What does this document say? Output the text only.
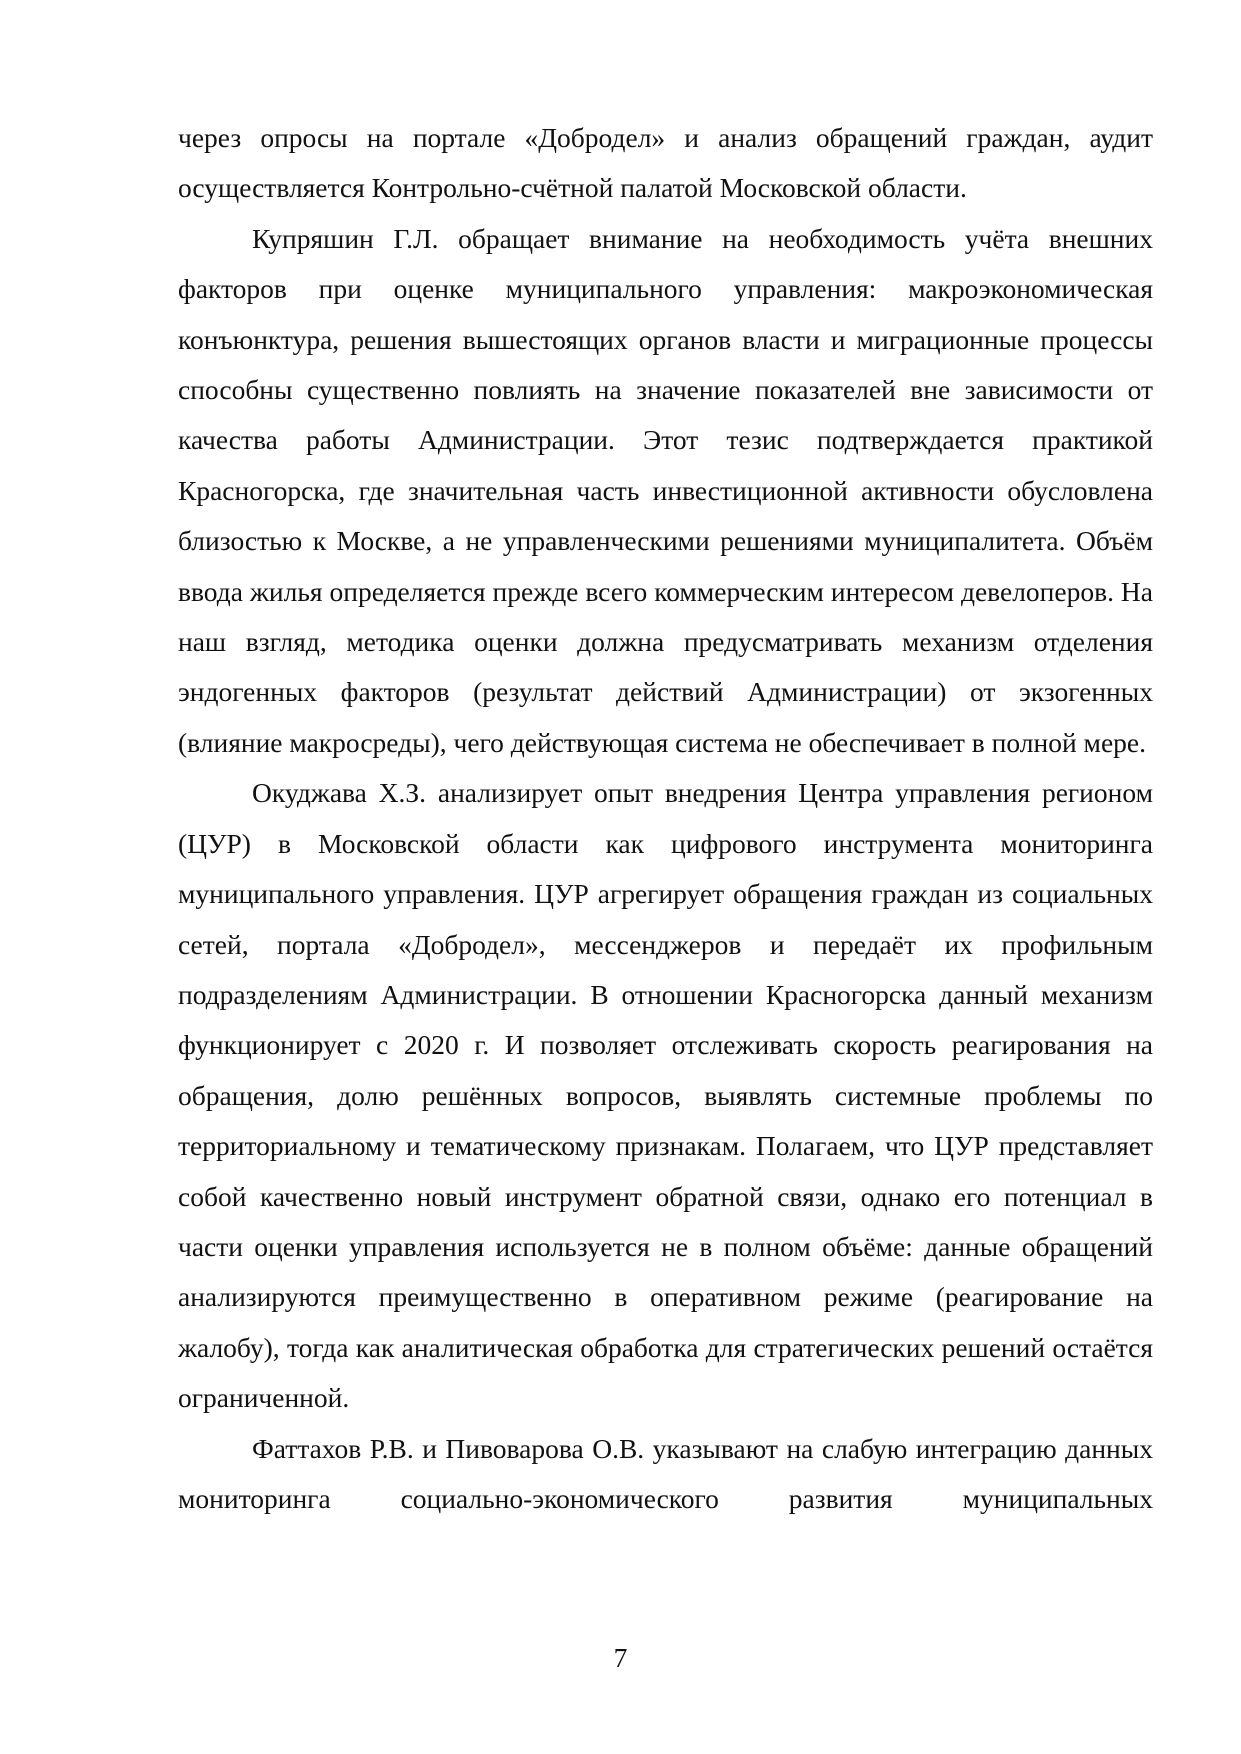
через опросы на портале «Добродел» и анализ обращений граждан, аудит осуществляется Контрольно-счётной палатой Московской области.

Купряшин Г.Л. обращает внимание на необходимость учёта внешних факторов при оценке муниципального управления: макроэкономическая конъюнктура, решения вышестоящих органов власти и миграционные процессы способны существенно повлиять на значение показателей вне зависимости от качества работы Администрации. Этот тезис подтверждается практикой Красногорска, где значительная часть инвестиционной активности обусловлена близостью к Москве, а не управленческими решениями муниципалитета. Объём ввода жилья определяется прежде всего коммерческим интересом девелоперов. На наш взгляд, методика оценки должна предусматривать механизм отделения эндогенных факторов (результат действий Администрации) от экзогенных (влияние макросреды), чего действующая система не обеспечивает в полной мере.

Окуджава Х.З. анализирует опыт внедрения Центра управления регионом (ЦУР) в Московской области как цифрового инструмента мониторинга муниципального управления. ЦУР агрегирует обращения граждан из социальных сетей, портала «Добродел», мессенджеров и передаёт их профильным подразделениям Администрации. В отношении Красногорска данный механизм функционирует с 2020 г. И позволяет отслеживать скорость реагирования на обращения, долю решённых вопросов, выявлять системные проблемы по территориальному и тематическому признакам. Полагаем, что ЦУР представляет собой качественно новый инструмент обратной связи, однако его потенциал в части оценки управления используется не в полном объёме: данные обращений анализируются преимущественно в оперативном режиме (реагирование на жалобу), тогда как аналитическая обработка для стратегических решений остаётся ограниченной.

Фаттахов Р.В. и Пивоварова О.В. указывают на слабую интеграцию данных мониторинга социально-экономического развития муниципальных

7
